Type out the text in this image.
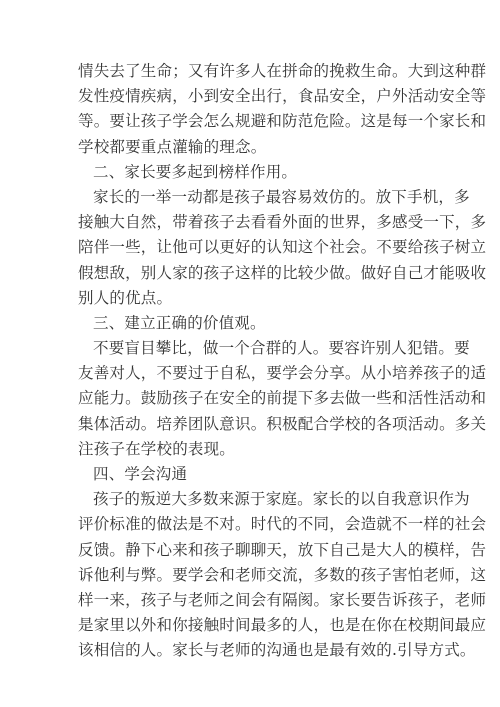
情失去了生命；又有许多人在拼命的挽救生命。大到这种群
发性疫情疾病，小到安全出行，食品安全，户外活动安全等
等。要让孩子学会怎么规避和防范危险。这是每一个家长和
学校都要重点灌输的理念。
二、家长要多起到榜样作用。
家长的一举一动都是孩子最容易效仿的。放下手机，多
接触大自然，带着孩子去看看外面的世界，多感受一下，多
陪伴一些，让他可以更好的认知这个社会。不要给孩子树立
假想敌，别人家的孩子这样的比较少做。做好自己才能吸收
别人的优点。
三、建立正确的价值观。
不要盲目攀比，做一个合群的人。要容许别人犯错。要
友善对人，不要过于自私，要学会分享。从小培养孩子的适
应能力。鼓励孩子在安全的前提下多去做一些和活性活动和
集体活动。培养团队意识。积极配合学校的各项活动。多关
注孩子在学校的表现。
四、学会沟通
孩子的叛逆大多数来源于家庭。家长的以自我意识作为
评价标准的做法是不对。时代的不同，会造就不一样的社会
反馈。静下心来和孩子聊聊天，放下自己是大人的模样，告
诉他利与弊。要学会和老师交流，多数的孩子害怕老师，这
样一来，孩子与老师之间会有隔阂。家长要告诉孩子，老师
是家里以外和你接触时间最多的人，也是在你在校期间最应
该相信的人。家长与老师的沟通也是最有效的.引导方式。
